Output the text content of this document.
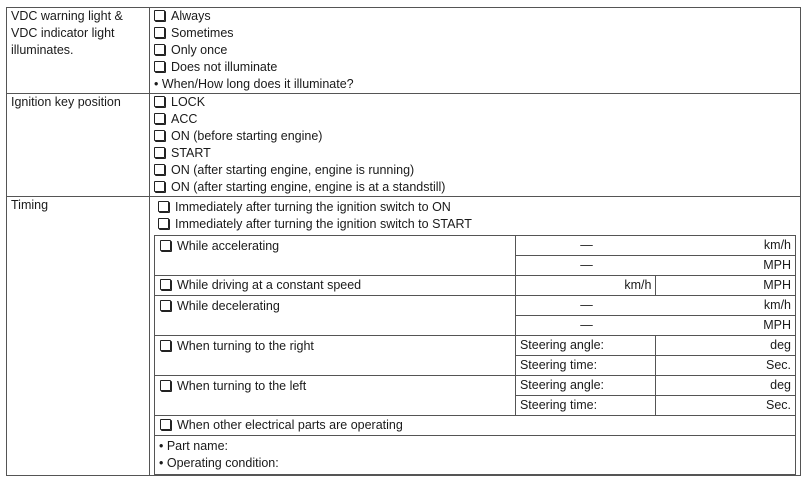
VDC warning light & VDC indicator light illuminates.	
Always
Sometimes
Only once
Does not illuminate
• When/How long does it illuminate?

Ignition key position	LOCK
ACC
ON (before starting engine)
START
ON (after starting engine, engine is running)
ON (after starting engine, engine is at a standstill)

Timing	Immediately after turning the ignition switch to ON
Immediately after turning the ignition switch to START
While accelerating	—	km/h

—	MPH

While driving at a constant speed	km/h	MPH
While decelerating	—	km/h

—	MPH

When turning to the right	Steering angle:	deg
Steering time:	Sec.
When turning to the left	Steering angle:	deg
Steering time:	Sec.
When other electrical parts are operating

• Part name:
• Operating condition:
